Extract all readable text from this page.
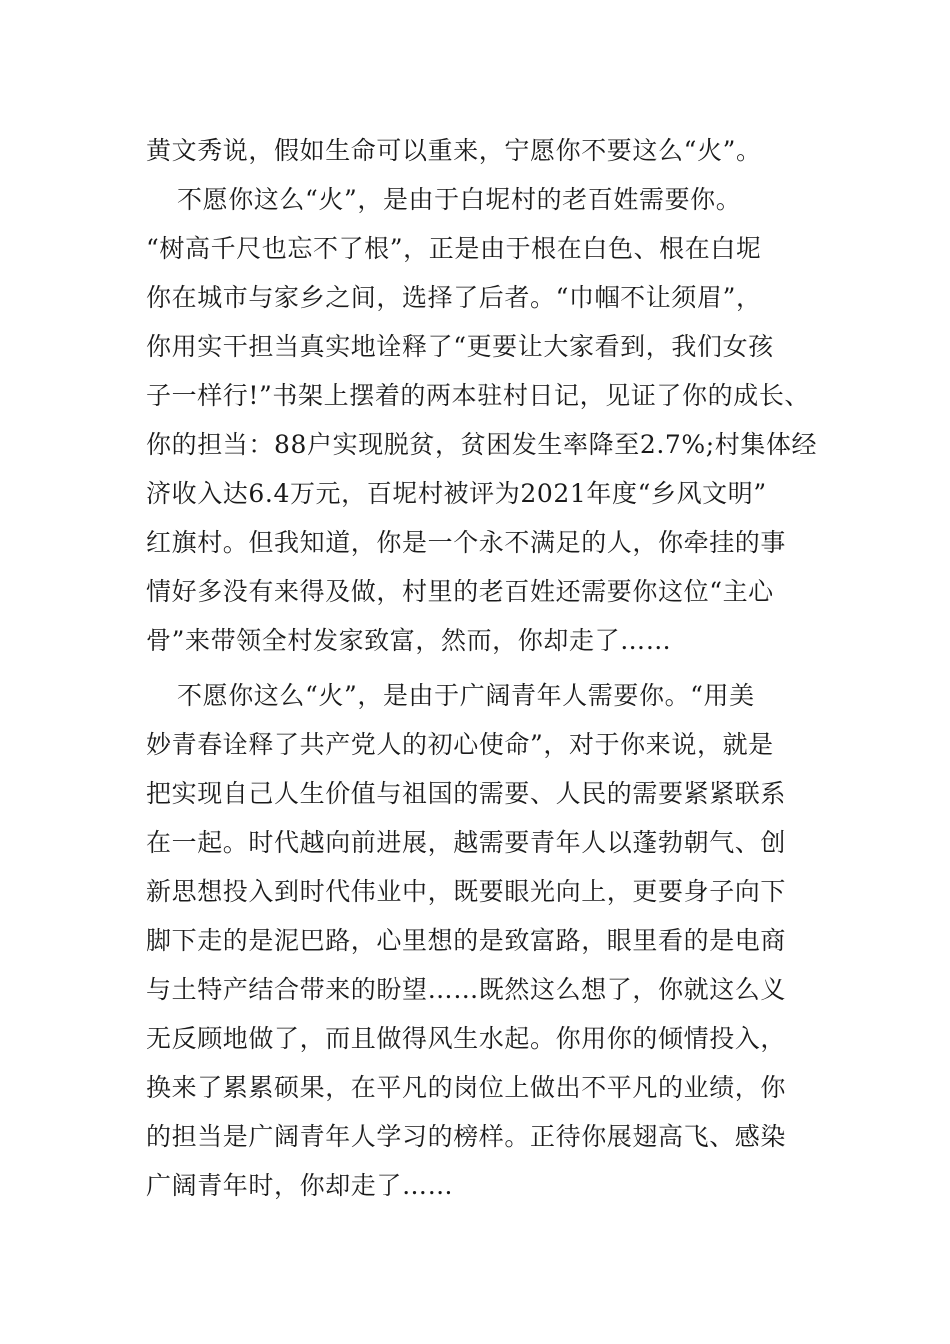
黄文秀说，假如生命可以重来，宁愿你不要这么“火”。
不愿你这么“火”，是由于白坭村的老百姓需要你。
“树高千尺也忘不了根”，正是由于根在白色、根在白坭
你在城市与家乡之间，选择了后者。“巾帼不让须眉”，
你用实干担当真实地诠释了“更要让大家看到，我们女孩
子一样行!”书架上摆着的两本驻村日记，见证了你的成长、
你的担当：88户实现脱贫，贫困发生率降至2.7%;村集体经
济收入达6.4万元，百坭村被评为2021年度“乡风文明”
红旗村。但我知道，你是一个永不满足的人，你牵挂的事
情好多没有来得及做，村里的老百姓还需要你这位“主心
骨”来带领全村发家致富，然而，你却走了……
不愿你这么“火”，是由于广阔青年人需要你。“用美
妙青春诠释了共产党人的初心使命”，对于你来说，就是
把实现自己人生价值与祖国的需要、人民的需要紧紧联系
在一起。时代越向前进展，越需要青年人以蓬勃朝气、创
新思想投入到时代伟业中，既要眼光向上，更要身子向下
脚下走的是泥巴路，心里想的是致富路，眼里看的是电商
与土特产结合带来的盼望……既然这么想了，你就这么义
无反顾地做了，而且做得风生水起。你用你的倾情投入，
换来了累累硕果，在平凡的岗位上做出不平凡的业绩，你
的担当是广阔青年人学习的榜样。正待你展翅高飞、感染
广阔青年时，你却走了……
